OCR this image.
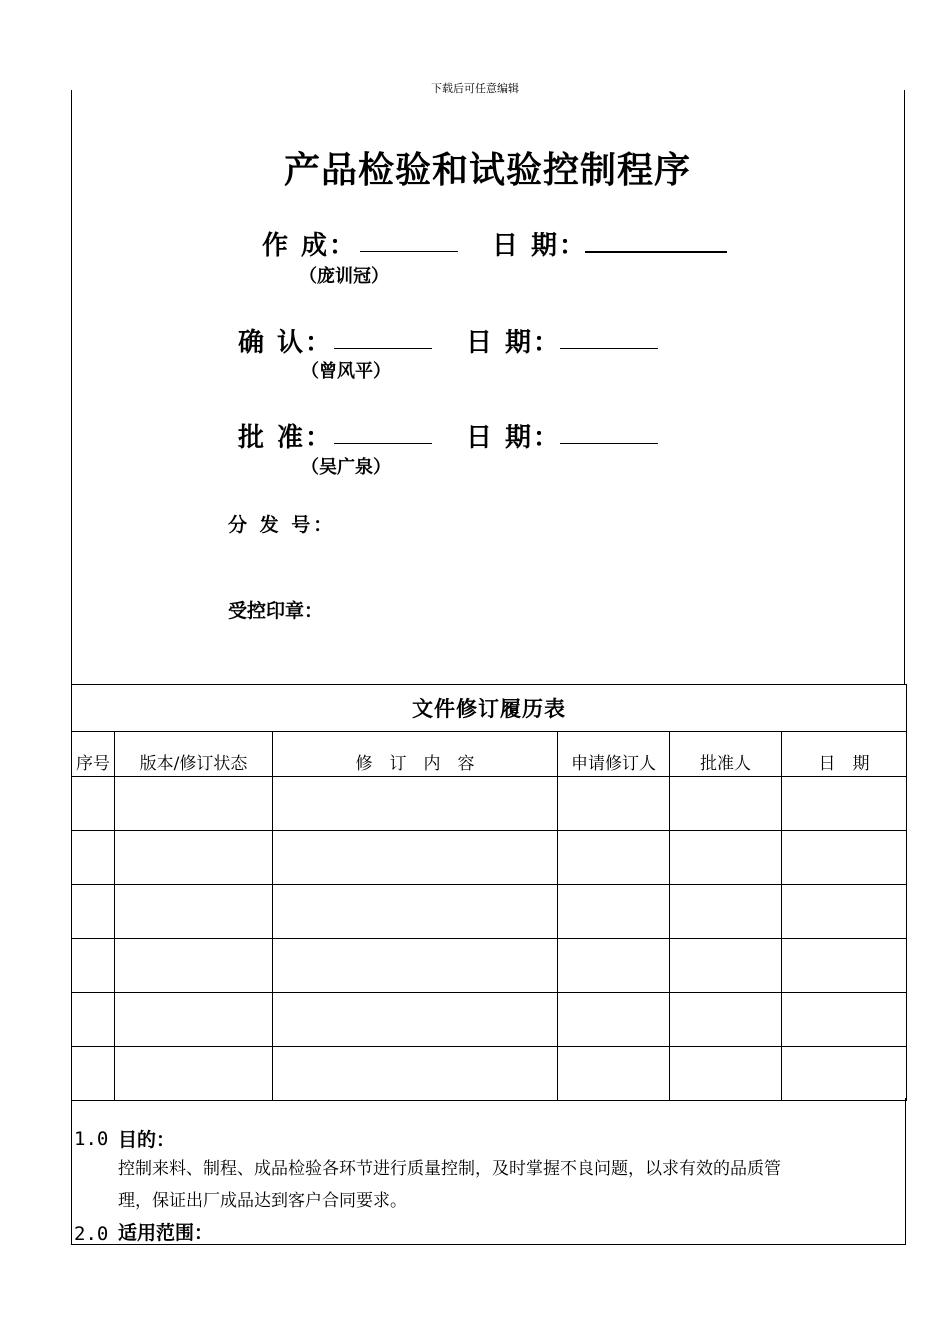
下载后可任意编辑
产品检验和试验控制程序
作 成：	日 期：
（庞训冠）
确 认：	日 期：
（曾风平）
批 准：	日 期：
（吴广泉）
分 发 号：
受控印章：
文件修订履历表					
序号	版本/修订状态	修　订　内　容	申请修订人	批准人	日　期

1.0 目的：
控制来料、制程、成品检验各环节进行质量控制，及时掌握不良问题，以求有效的品质管
理，保证出厂成品达到客户合同要求。
2.0 适用范围：
